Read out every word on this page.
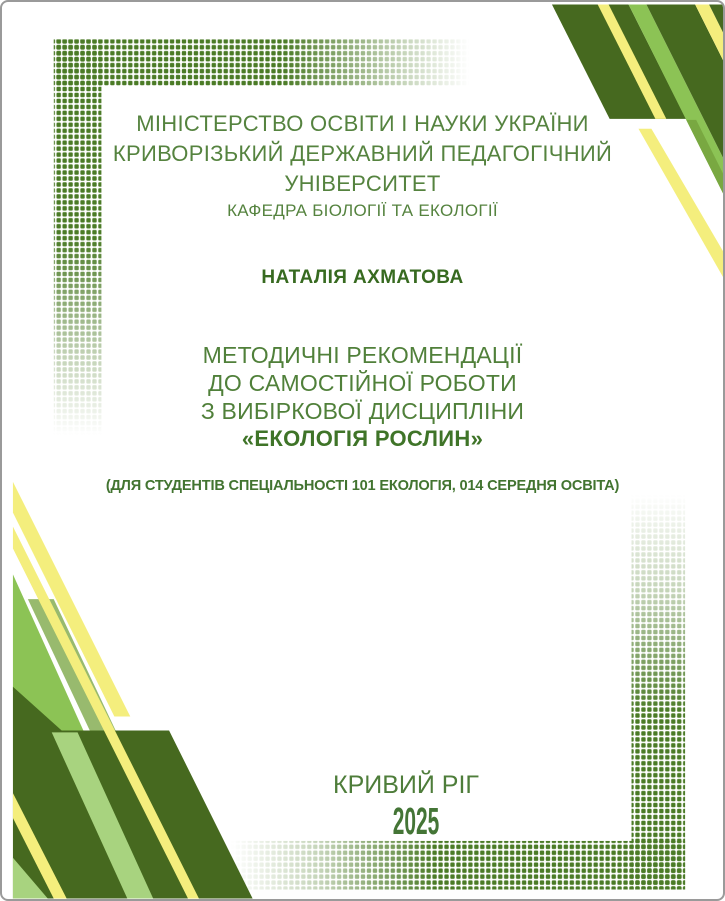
МІНІСТЕРСТВО ОСВІТИ І НАУКИ УКРАЇНИ
КРИВОРІЗЬКИЙ ДЕРЖАВНИЙ ПЕДАГОГІЧНИЙ
УНІВЕРСИТЕТ
КАФЕДРА БІОЛОГІЇ ТА ЕКОЛОГІЇ
НАТАЛІЯ АХМАТОВА
МЕТОДИЧНІ РЕКОМЕНДАЦІЇ
ДО САМОСТІЙНОЇ РОБОТИ
З ВИБІРКОВОЇ ДИСЦИПЛІНИ
«ЕКОЛОГІЯ РОСЛИН»
(ДЛЯ СТУДЕНТІВ СПЕЦІАЛЬНОСТІ 101 ЕКОЛОГІЯ, 014 СЕРЕДНЯ ОСВІТА)
КРИВИЙ РІГ
2025
